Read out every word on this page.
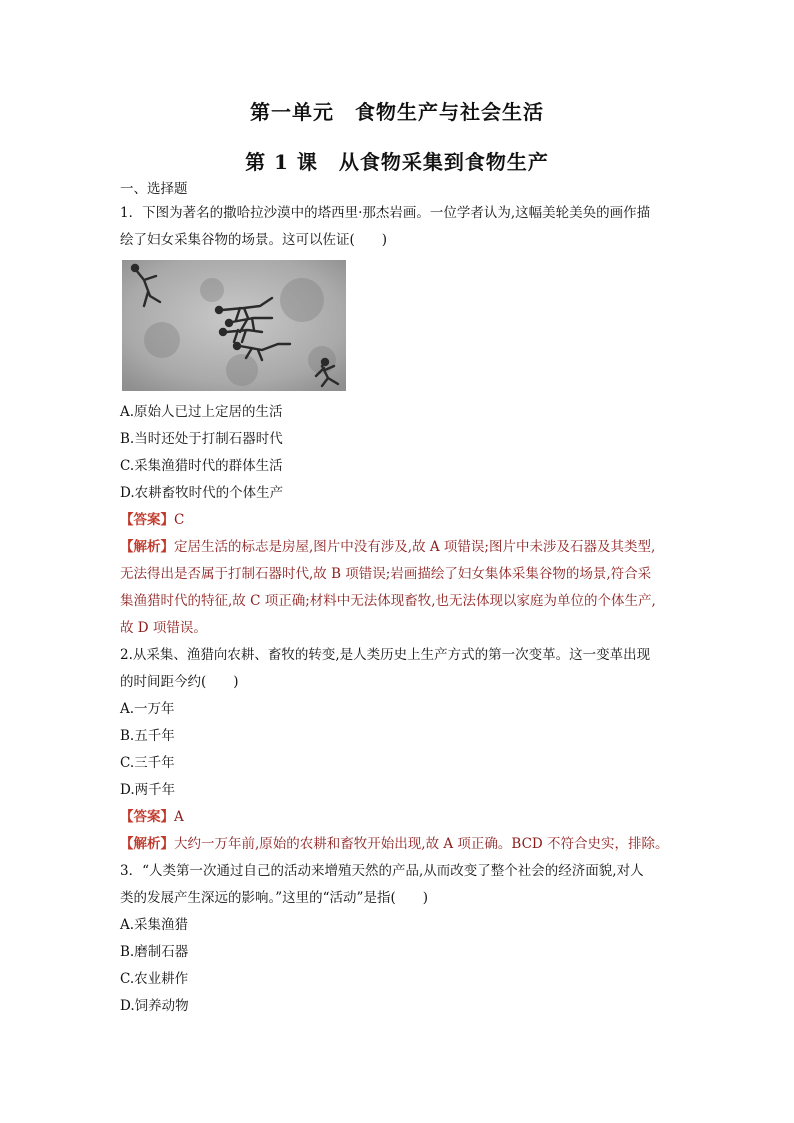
第一单元　食物生产与社会生活
第 1 课　从食物采集到食物生产
一、选择题
1．下图为著名的撒哈拉沙漠中的塔西里·那杰岩画。一位学者认为,这幅美轮美奂的画作描
绘了妇女采集谷物的场景。这可以佐证(　　)
A.原始人已过上定居的生活
B.当时还处于打制石器时代
C.采集渔猎时代的群体生活
D.农耕畜牧时代的个体生产
【答案】C
【解析】定居生活的标志是房屋,图片中没有涉及,故 A 项错误;图片中未涉及石器及其类型,
无法得出是否属于打制石器时代,故 B 项错误;岩画描绘了妇女集体采集谷物的场景,符合采
集渔猎时代的特征,故 C 项正确;材料中无法体现畜牧,也无法体现以家庭为单位的个体生产,
故 D 项错误。
2.从采集、渔猎向农耕、畜牧的转变,是人类历史上生产方式的第一次变革。这一变革出现
的时间距今约(　　)
A.一万年
B.五千年
C.三千年
D.两千年
【答案】A
【解析】大约一万年前,原始的农耕和畜牧开始出现,故 A 项正确。BCD 不符合史实，排除。
3．“人类第一次通过自己的活动来增殖天然的产品,从而改变了整个社会的经济面貌,对人
类的发展产生深远的影响。”这里的“活动”是指(　　)
A.采集渔猎
B.磨制石器
C.农业耕作
D.饲养动物
